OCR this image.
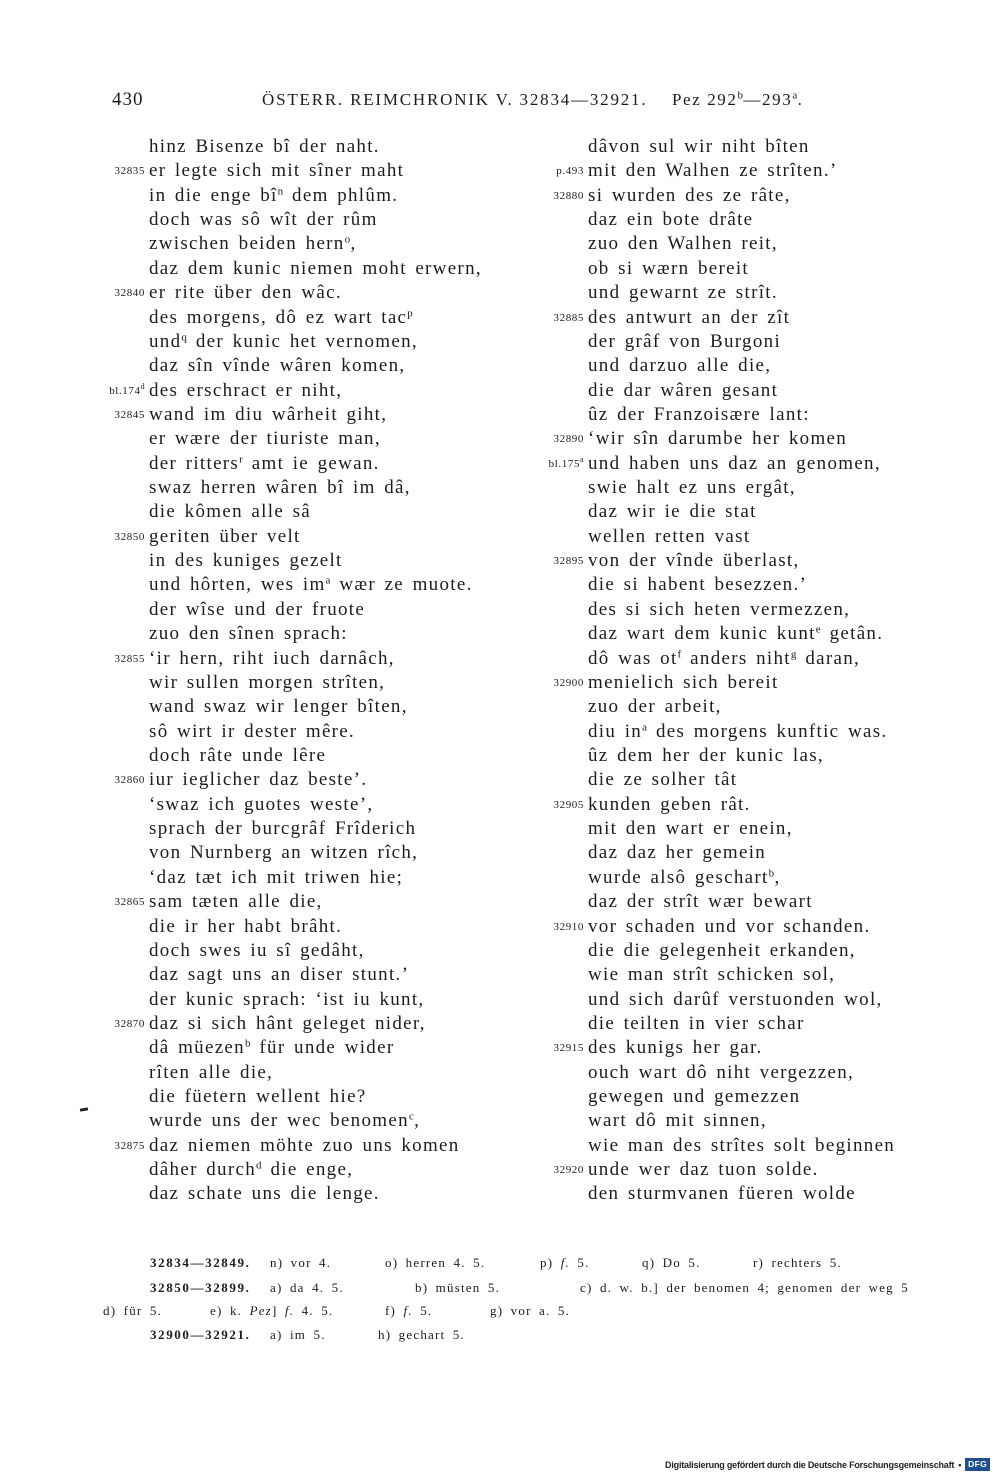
430	ÖSTERR. REIMCHRONIK V. 32834—32921. Pez 292$^b$—293$^a$.
hinz Bisenze bî der naht.
32835 er legte sich mit sîner maht
in die enge $bî^n$ dem phlûm.
doch was sô wît der rûm
zwischen beiden hern$^o$,
daz dem kunic niemen moht erwern,
32840 er rite über den wâc.
des morgens, dô ez wart tac$^p$
und$^q$ der kunic het vernomen,
daz sîn vînde wâren komen,
bl.174$^d$ des erschract er niht,
32845 wand im diu wârheit giht,
er wære der tiuriste man,
der ritters$^r$ amt ie gewan.
swaz herren wâren bî im dâ,
die kômen alle sâ
32850 geriten über velt
in des kuniges gezelt
und hôrten, wes $im^a$ wær ze muote.
der wîse und der fruote
zuo den sînen sprach:
32855 ‘ir hern, riht iuch darnâch,
wir sullen morgen strîten,
wand swaz wir lenger bîten,
sô wirt ir dester mêre.
doch râte unde lêre
32860 iur ieglicher daz beste’.
‘swaz ich guotes weste’,
sprach der burcgrâf Frîderich
von Nurnberg an witzen rîch,
‘daz tæt ich mit triwen hie;
32865 sam tæten alle die,
die ir her habt brâht.
doch swes iu sî gedâht,
daz sagt uns an diser stunt.’
der kunic sprach: ‘ist iu kunt,
32870 daz si sich hânt geleget nider,
dâ müezen$^b$ für unde wider
rîten alle die,
die füetern wellent hie?
wurde uns der wec benomen$^c$,
32875 daz niemen möhte zuo uns komen
dâher durch$^d$ die enge,
daz schate uns die lenge.
dâvon sul wir niht bîten
p.493 mit den Walhen ze strîten.’
32880 si wurden des ze râte,
daz ein bote drâte
zuo den Walhen reit,
ob si wærn bereit
und gewarnt ze strît.
32885 des antwurt an der zît
der grâf von Burgoni
und darzuo alle die,
die dar wâren gesant
ûz der Franzoisære lant:
32890 ‘wir sîn darumbe her komen
bl.175$^a$ und haben uns daz an genomen,
swie halt ez uns ergât,
daz wir ie die stat
wellen retten vast
32895 von der vînde überlast,
die si habent besezzen.’
des si sich heten vermezzen,
daz wart dem kunic kunt$^e$ getân.
dô was $ot^f$ anders niht$^g$ daran,
32900 menielich sich bereit
zuo der arbeit,
diu $in^a$ des morgens kunftic was.
ûz dem her der kunic las,
die ze solher tât
32905 kunden geben rât.
mit den wart er enein,
daz daz her gemein
wurde alsô geschart$^b$,
daz der strît wær bewart
32910 vor schaden und vor schanden.
die die gelegenheit erkanden,
wie man strît schicken sol,
und sich darûf verstuonden wol,
die teilten in vier schar
32915 des kunigs her gar.
ouch wart dô niht vergezzen,
gewegen und gemezzen
wart dô mit sinnen,
wie man des strîtes solt beginnen
32920 unde wer daz tuon solde.
den sturmvanen füeren wolde
32834—32849. n) vor 4.	o) herren 4. 5.	p) f. 5.	q) Do 5.	r) rechters 5.
32850—32899. a) da 4. 5.	b) müsten 5.	c) d. w. b.] der benomen 4; genomen der weg 5
d) für 5.	e) k. Pez] f. 4. 5.	f) f. 5.	g) vor a. 5.
32900—32921. a) im 5.	h) gechart 5.
Digitalisierung gefördert durch die Deutsche Forschungsgemeinschaft • DFG
